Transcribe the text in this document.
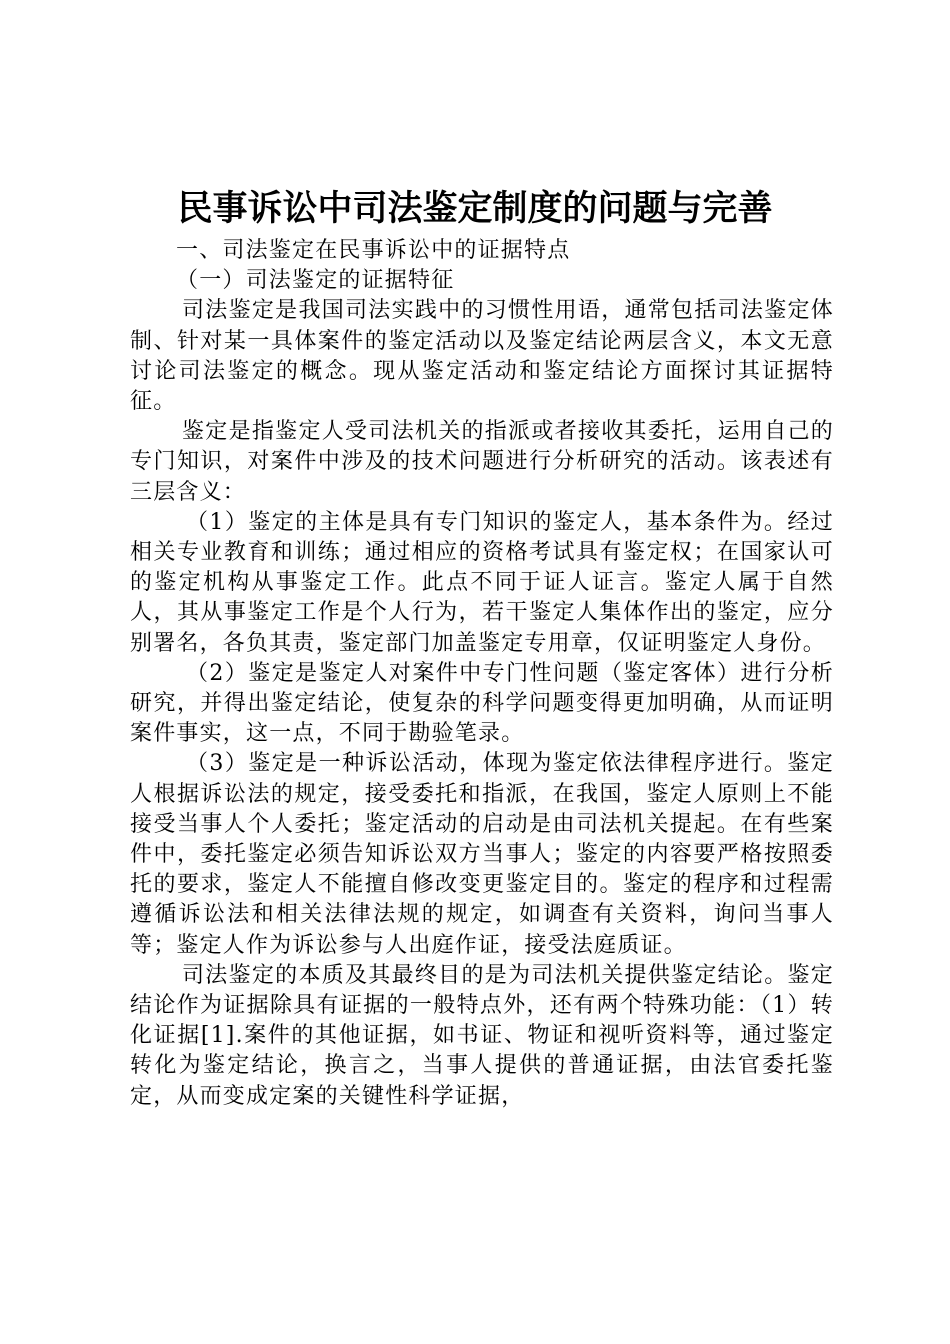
民事诉讼中司法鉴定制度的问题与完善

一、司法鉴定在民事诉讼中的证据特点

（一）司法鉴定的证据特征

司法鉴定是我国司法实践中的习惯性用语，通常包括司法鉴定体制、针对某一具体案件的鉴定活动以及鉴定结论两层含义，本文无意讨论司法鉴定的概念。现从鉴定活动和鉴定结论方面探讨其证据特征。

鉴定是指鉴定人受司法机关的指派或者接收其委托，运用自己的专门知识，对案件中涉及的技术问题进行分析研究的活动。该表述有三层含义：

（1）鉴定的主体是具有专门知识的鉴定人，基本条件为。经过相关专业教育和训练；通过相应的资格考试具有鉴定权；在国家认可的鉴定机构从事鉴定工作。此点不同于证人证言。鉴定人属于自然人，其从事鉴定工作是个人行为，若干鉴定人集体作出的鉴定，应分别署名，各负其责，鉴定部门加盖鉴定专用章，仅证明鉴定人身份。

（2）鉴定是鉴定人对案件中专门性问题（鉴定客体）进行分析研究，并得出鉴定结论，使复杂的科学问题变得更加明确，从而证明案件事实，这一点，不同于勘验笔录。

（3）鉴定是一种诉讼活动，体现为鉴定依法律程序进行。鉴定人根据诉讼法的规定，接受委托和指派，在我国，鉴定人原则上不能接受当事人个人委托；鉴定活动的启动是由司法机关提起。在有些案件中，委托鉴定必须告知诉讼双方当事人；鉴定的内容要严格按照委托的要求，鉴定人不能擅自修改变更鉴定目的。鉴定的程序和过程需遵循诉讼法和相关法律法规的规定，如调查有关资料，询问当事人等；鉴定人作为诉讼参与人出庭作证，接受法庭质证。

司法鉴定的本质及其最终目的是为司法机关提供鉴定结论。鉴定结论作为证据除具有证据的一般特点外，还有两个特殊功能：（1）转化证据[1].案件的其他证据，如书证、物证和视听资料等，通过鉴定转化为鉴定结论，换言之，当事人提供的普通证据，由法官委托鉴定，从而变成定案的关键性科学证据，
